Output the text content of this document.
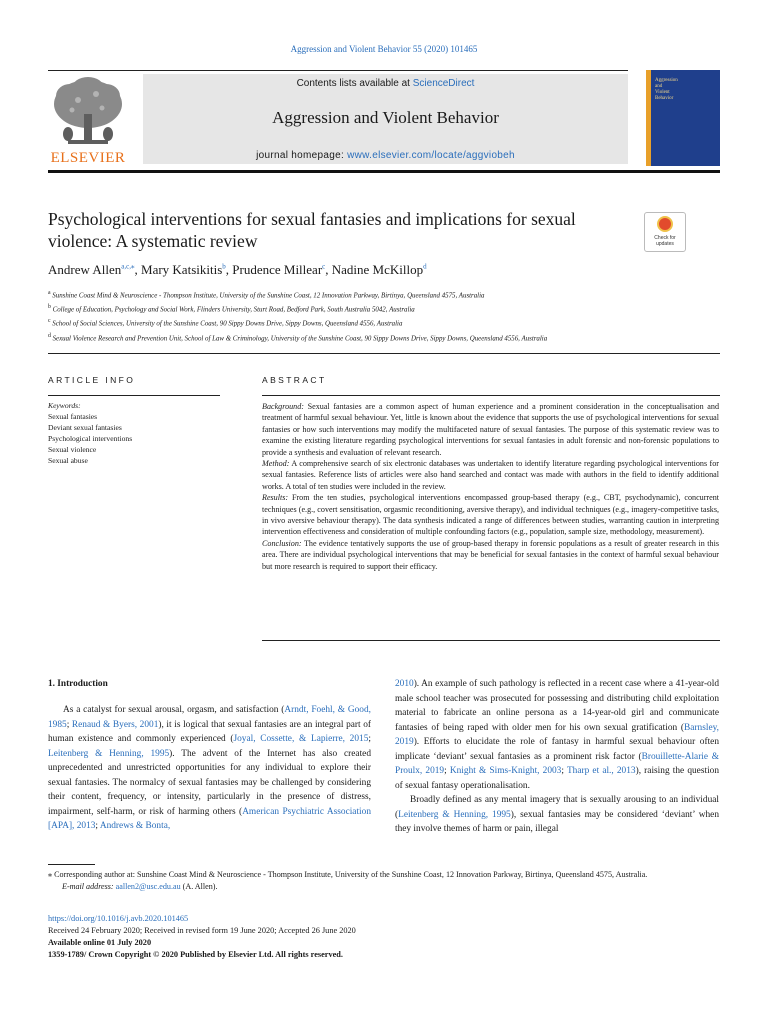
Aggression and Violent Behavior 55 (2020) 101465
ELSEVIER
Contents lists available at ScienceDirect
Aggression and Violent Behavior
journal homepage: www.elsevier.com/locate/aggviobeh
Aggression
and
Violent
Behavior
Psychological interventions for sexual fantasies and implications for sexual violence: A systematic review	Check for
updates
Andrew Allen$^{a,c,⁎}$, Mary Katsikitis$^b$, Prudence Millear$^c$, Nadine McKillop$^d$
$^a$ Sunshine Coast Mind & Neuroscience - Thompson Institute, University of the Sunshine Coast, 12 Innovation Parkway, Birtinya, Queensland 4575, Australia
$^b$ College of Education, Psychology and Social Work, Flinders University, Sturt Road, Bedford Park, South Australia 5042, Australia
$^c$ School of Social Sciences, University of the Sunshine Coast, 90 Sippy Downs Drive, Sippy Downs, Queensland 4556, Australia
$^d$ Sexual Violence Research and Prevention Unit, School of Law & Criminology, University of the Sunshine Coast, 90 Sippy Downs Drive, Sippy Downs, Queensland 4556, Australia
ARTICLE INFO
Keywords:
Sexual fantasies
Deviant sexual fantasies
Psychological interventions
Sexual violence
Sexual abuse
ABSTRACT

Background: Sexual fantasies are a common aspect of human experience and a prominent consideration in the conceptualisation and treatment of harmful sexual behaviour. Yet, little is known about the evidence that supports the use of psychological interventions for sexual fantasies or how such interventions may modify the multifaceted nature of sexual fantasies. The purpose of this systematic review was to examine the existing literature regarding psychological interventions for sexual fantasies in adult forensic and non-forensic populations to provide a synthesis and evaluation of relevant research.

Method: A comprehensive search of six electronic databases was undertaken to identify literature regarding psychological interventions for sexual fantasies. Reference lists of articles were also hand searched and contact was made with authors in the field to identify additional works. A total of ten studies were included in the review.

Results: From the ten studies, psychological interventions encompassed group-based therapy (e.g., CBT, psychodynamic), concurrent techniques (e.g., covert sensitisation, orgasmic reconditioning, aversive therapy), and individual techniques (e.g., imagery-competitive tasks, in vivo aversive behaviour therapy). The data synthesis indicated a range of differences between studies, warranting caution in interpreting intervention effectiveness and consideration of multiple confounding factors (e.g., population, sample size, methodology, measurement).

Conclusion: The evidence tentatively supports the use of group-based therapy in forensic populations as a result of greater research in this area. There are individual psychological interventions that may be beneficial for sexual fantasies in the context of harmful sexual behaviour but more research is required to support their efficacy.

1. Introduction

As a catalyst for sexual arousal, orgasm, and satisfaction (Arndt, Foehl, & Good, 1985; Renaud & Byers, 2001), it is logical that sexual fantasies are an integral part of human existence and commonly experienced (Joyal, Cossette, & Lapierre, 2015; Leitenberg & Henning, 1995). The advent of the Internet has also created unprecedented and unrestricted opportunities for any individual to explore their sexual fantasies. The normalcy of sexual fantasies may be challenged by considering their content, frequency, or intensity, particularly in the presence of distress, impairment, self-harm, or risk of harming others (American Psychiatric Association [APA], 2013; Andrews & Bonta,

2010). An example of such pathology is reflected in a recent case where a 41-year-old male school teacher was prosecuted for possessing and distributing child exploitation material to fabricate an online persona as a 14-year-old girl and communicate fantasies of being raped with older men for his own sexual gratification (Barnsley, 2019). Efforts to elucidate the role of fantasy in harmful sexual behaviour often implicate ‘deviant’ sexual fantasies as a prominent risk factor (Brouillette-Alarie & Proulx, 2019; Knight & Sims-Knight, 2003; Tharp et al., 2013), raising the question of sexual fantasy operationalisation.

Broadly defined as any mental imagery that is sexually arousing to an individual (Leitenberg & Henning, 1995), sexual fantasies may be considered ‘deviant’ when they involve themes of harm or pain, illegal

⁎ Corresponding author at: Sunshine Coast Mind & Neuroscience - Thompson Institute, University of the Sunshine Coast, 12 Innovation Parkway, Birtinya, Queensland 4575, Australia.

E-mail address: aallen2@usc.edu.au (A. Allen).

https://doi.org/10.1016/j.avb.2020.101465
Received 24 February 2020; Received in revised form 19 June 2020; Accepted 26 June 2020
Available online 01 July 2020
1359-1789/ Crown Copyright © 2020 Published by Elsevier Ltd. All rights reserved.
